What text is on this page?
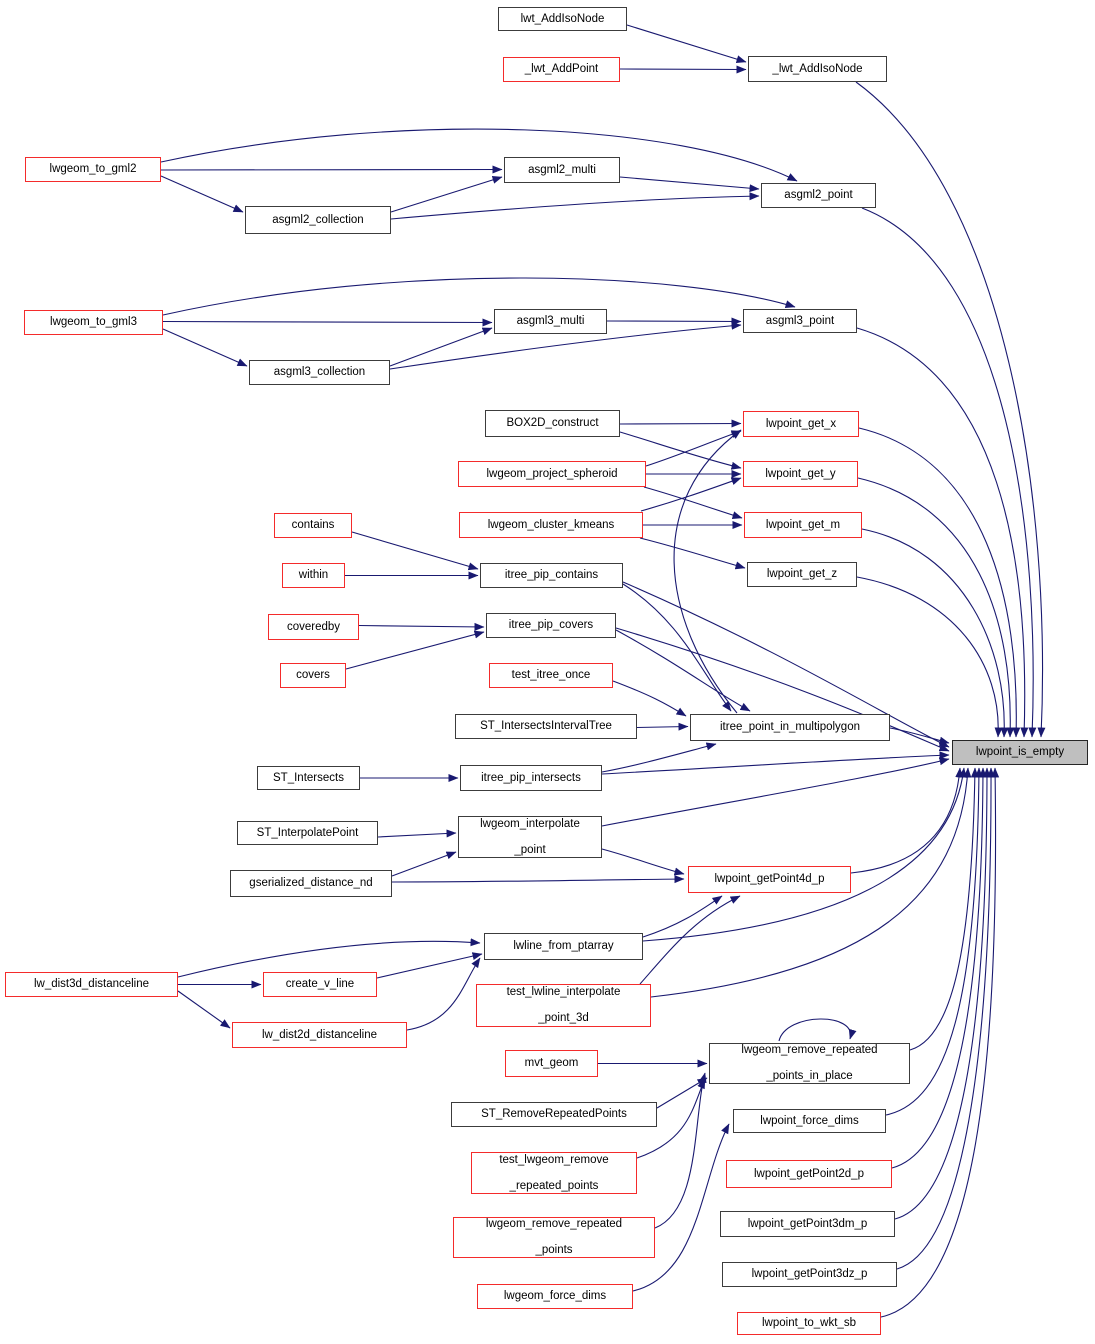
lwt_AddIsoNode
_lwt_AddPoint	_lwt_AddIsoNode
lwgeom_to_gml2	asgml2_multi
asgml2_collection
asgml2_point
lwgeom_to_gml3	asgml3_multi
asgml3_collection
asgml3_point
BOX2D_construct	lwpoint_get_x
lwgeom_project_spheroid	lwpoint_get_y
contains	lwgeom_cluster_kmeans	lwpoint_get_m
within	itree_pip_contains	lwpoint_get_z
coveredby	itree_pip_covers
covers	test_itree_once
ST_IntersectsIntervalTree	itree_point_in_multipolygon
ST_Intersects	itree_pip_intersects
ST_InterpolatePoint
lwgeom_interpolate

_point
gserialized_distance_nd	lwpoint_getPoint4d_p
lwline_from_ptarray
lw_dist3d_distanceline	create_v_line
lw_dist2d_distanceline
test_lwline_interpolate

_point_3d
mvt_geom
ST_RemoveRepeatedPoints
test_lwgeom_remove

_repeated_points
lwgeom_remove_repeated

_points
lwgeom_force_dims
lwgeom_remove_repeated

_points_in_place
lwpoint_force_dims
lwpoint_getPoint2d_p
lwpoint_getPoint3dm_p
lwpoint_getPoint3dz_p
lwpoint_to_wkt_sb
lwpoint_is_empty
